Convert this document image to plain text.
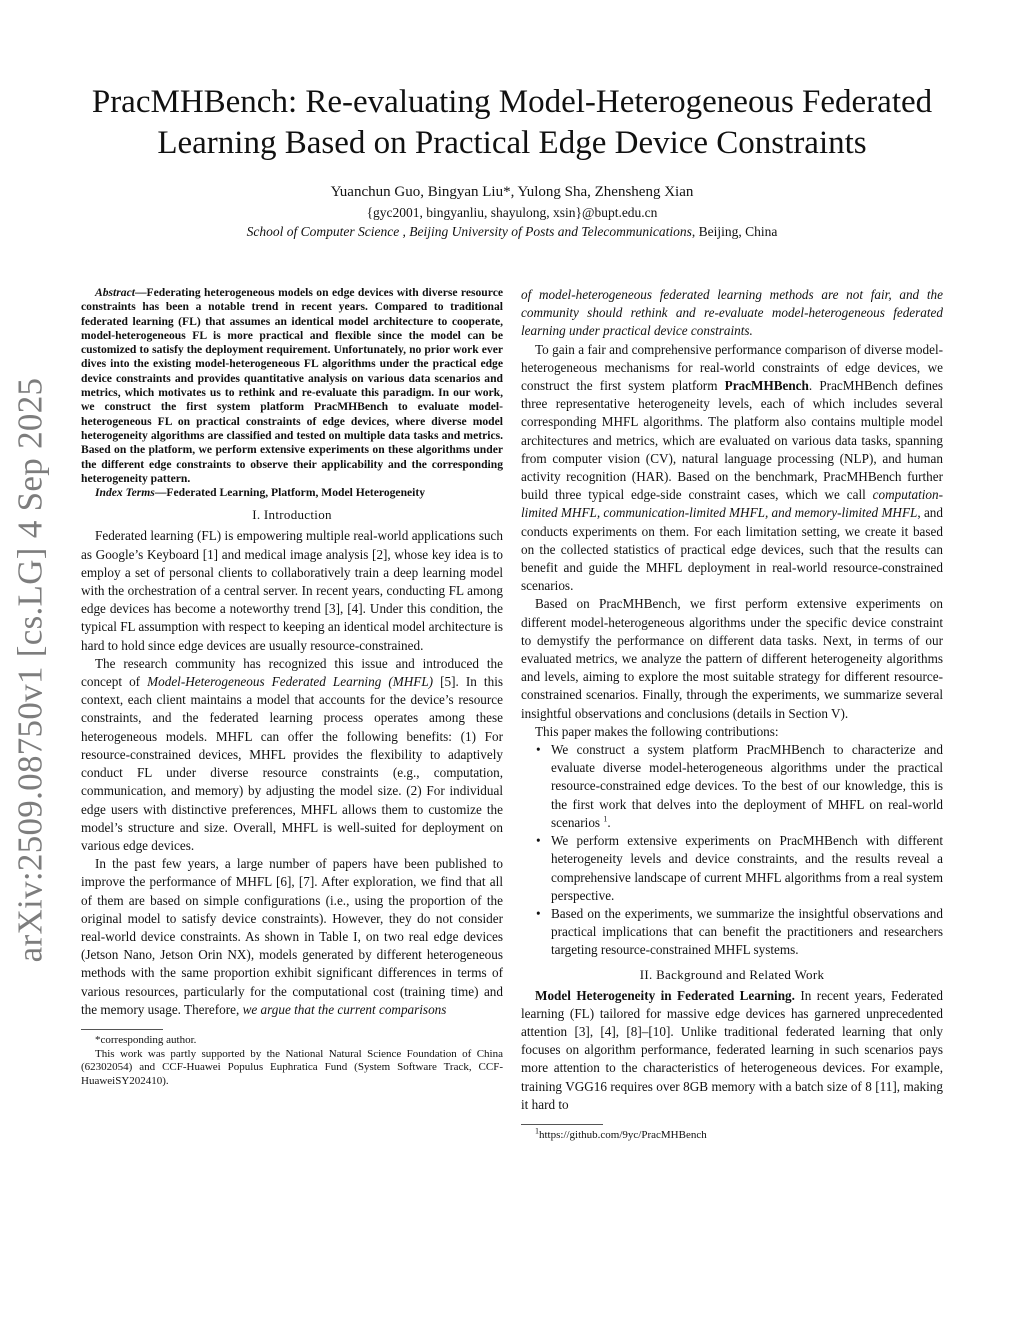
arXiv:2509.08750v1 [cs.LG] 4 Sep 2025
PracMHBench: Re-evaluating Model-Heterogeneous Federated
Learning Based on Practical Edge Device Constraints

Yuanchun Guo, Bingyan Liu*, Yulong Sha, Zhensheng Xian

{gyc2001, bingyanliu, shayulong, xsin}@bupt.edu.cn

School of Computer Science , Beijing University of Posts and Telecommunications, Beijing, China

Abstract—Federating heterogeneous models on edge devices with diverse resource constraints has been a notable trend in recent years. Compared to traditional federated learning (FL) that assumes an identical model architecture to cooperate, model-heterogeneous FL is more practical and flexible since the model can be customized to satisfy the deployment requirement. Unfortunately, no prior work ever dives into the existing model-heterogeneous FL algorithms under the practical edge device constraints and provides quantitative analysis on various data scenarios and metrics, which motivates us to rethink and re-evaluate this paradigm. In our work, we construct the first system platform PracMHBench to evaluate model-heterogeneous FL on practical constraints of edge devices, where diverse model heterogeneity algorithms are classified and tested on multiple data tasks and metrics. Based on the platform, we perform extensive experiments on these algorithms under the different edge constraints to observe their applicability and the corresponding heterogeneity pattern.

Index Terms—Federated Learning, Platform, Model Heterogeneity

I. Introduction

Federated learning (FL) is empowering multiple real-world applications such as Google’s Keyboard [1] and medical image analysis [2], whose key idea is to employ a set of personal clients to collaboratively train a deep learning model with the orchestration of a central server. In recent years, conducting FL among edge devices has become a noteworthy trend [3], [4]. Under this condition, the typical FL assumption with respect to keeping an identical model architecture is hard to hold since edge devices are usually resource-constrained.

The research community has recognized this issue and introduced the concept of Model-Heterogeneous Federated Learning (MHFL) [5]. In this context, each client maintains a model that accounts for the device’s resource constraints, and the federated learning process operates among these heterogeneous models. MHFL can offer the following benefits: (1) For resource-constrained devices, MHFL provides the flexibility to adaptively conduct FL under diverse resource constraints (e.g., computation, communication, and memory) by adjusting the model size. (2) For individual edge users with distinctive preferences, MHFL allows them to customize the model’s structure and size. Overall, MHFL is well-suited for deployment on various edge devices.

In the past few years, a large number of papers have been published to improve the performance of MHFL [6], [7]. After exploration, we find that all of them are based on simple configurations (i.e., using the proportion of the original model to satisfy device constraints). However, they do not consider real-world device constraints. As shown in Table I, on two real edge devices (Jetson Nano, Jetson Orin NX), models generated by different heterogeneous methods with the same proportion exhibit significant differences in terms of various resources, particularly for the computational cost (training time) and the memory usage. Therefore, we argue that the current comparisons

*corresponding author.

This work was partly supported by the National Natural Science Foundation of China (62302054) and CCF-Huawei Populus Euphratica Fund (System Software Track, CCF-HuaweiSY202410).

of model-heterogeneous federated learning methods are not fair, and the community should rethink and re-evaluate model-heterogeneous federated learning under practical device constraints.

To gain a fair and comprehensive performance comparison of diverse model-heterogeneous mechanisms for real-world constraints of edge devices, we construct the first system platform PracMHBench. PracMHBench defines three representative heterogeneity levels, each of which includes several corresponding MHFL algorithms. The platform also contains multiple model architectures and metrics, which are evaluated on various data tasks, spanning from computer vision (CV), natural language processing (NLP), and human activity recognition (HAR). Based on the benchmark, PracMHBench further build three typical edge-side constraint cases, which we call computation-limited MHFL, communication-limited MHFL, and memory-limited MHFL, and conducts experiments on them. For each limitation setting, we create it based on the collected statistics of practical edge devices, such that the results can benefit and guide the MHFL deployment in real-world resource-constrained scenarios.

Based on PracMHBench, we first perform extensive experiments on different model-heterogeneous algorithms under the specific device constraint to demystify the performance on different data tasks. Next, in terms of our evaluated metrics, we analyze the pattern of different heterogeneity algorithms and levels, aiming to explore the most suitable strategy for different resource-constrained scenarios. Finally, through the experiments, we summarize several insightful observations and conclusions (details in Section V).

This paper makes the following contributions:

• We construct a system platform PracMHBench to characterize and evaluate diverse model-heterogeneous algorithms under the practical resource-constrained edge devices. To the best of our knowledge, this is the first work that delves into the deployment of MHFL on real-world scenarios $^1$.
• We perform extensive experiments on PracMHBench with different heterogeneity levels and device constraints, and the results reveal a comprehensive landscape of current MHFL algorithms from a real system perspective.
• Based on the experiments, we summarize the insightful observations and practical implications that can benefit the practitioners and researchers targeting resource-constrained MHFL systems.
II. Background and Related Work

Model Heterogeneity in Federated Learning. In recent years, Federated learning (FL) tailored for massive edge devices has garnered unprecedented attention [3], [4], [8]–[10]. Unlike traditional federated learning that only focuses on algorithm performance, federated learning in such scenarios pays more attention to the characteristics of heterogeneous devices. For example, training VGG16 requires over 8GB memory with a batch size of 8 [11], making it hard to

$^1$https://github.com/9yc/PracMHBench
